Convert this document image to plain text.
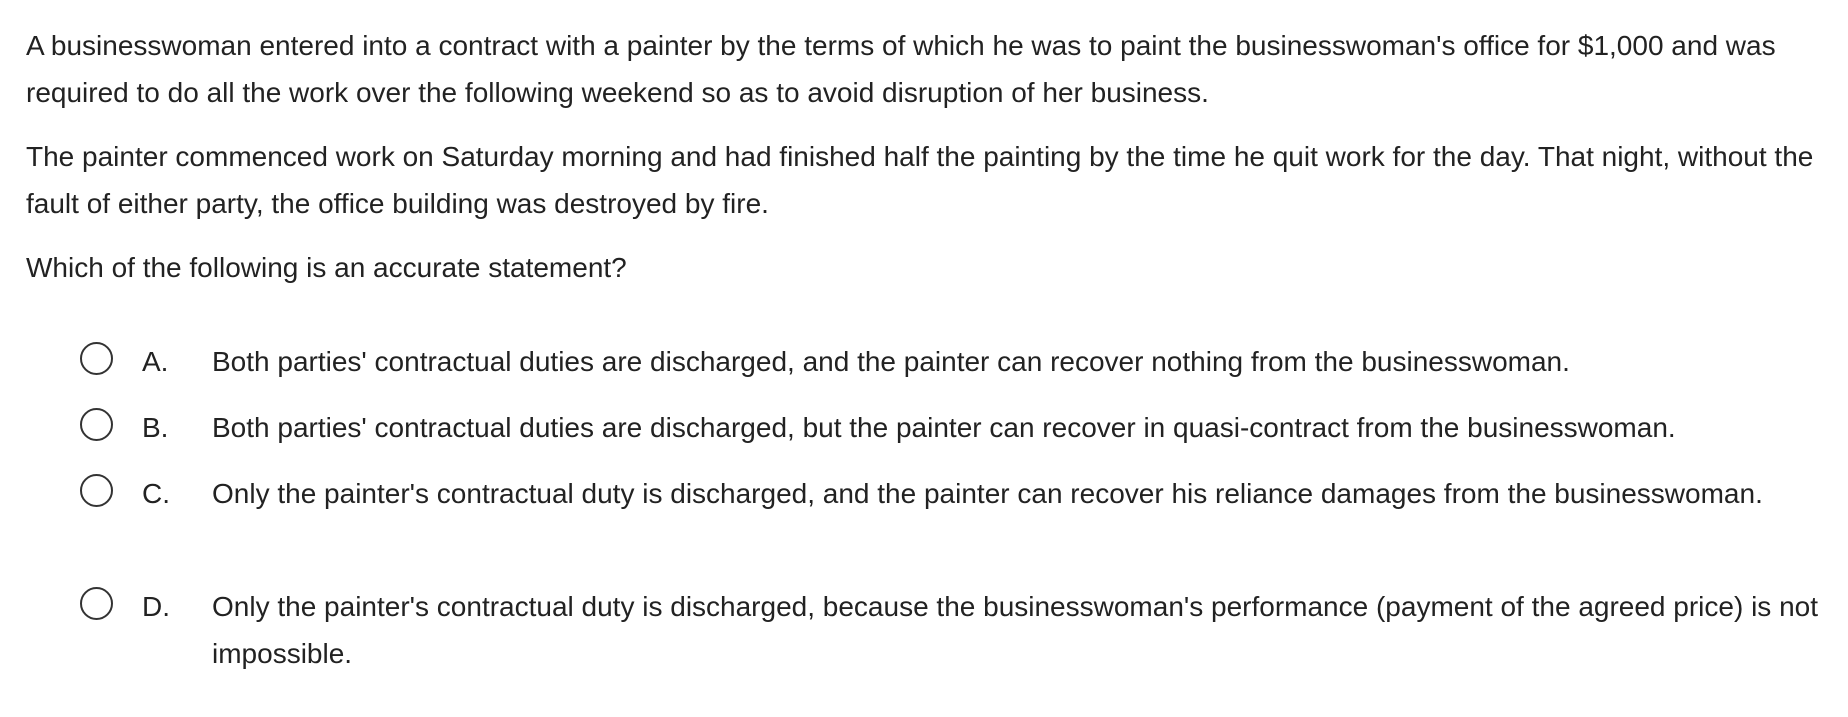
A businesswoman entered into a contract with a painter by the terms of which he was to paint the businesswoman's office for $1,000 and was required to do all the work over the following weekend so as to avoid disruption of her business.

The painter commenced work on Saturday morning and had finished half the painting by the time he quit work for the day. That night, without the fault of either party, the office building was destroyed by fire.

Which of the following is an accurate statement?

A. Both parties' contractual duties are discharged, and the painter can recover nothing from the businesswoman.
B. Both parties' contractual duties are discharged, but the painter can recover in quasi-contract from the businesswoman.
C. Only the painter's contractual duty is discharged, and the painter can recover his reliance damages from the businesswoman.
D. Only the painter's contractual duty is discharged, because the businesswoman's performance (payment of the agreed price) is not impossible.
